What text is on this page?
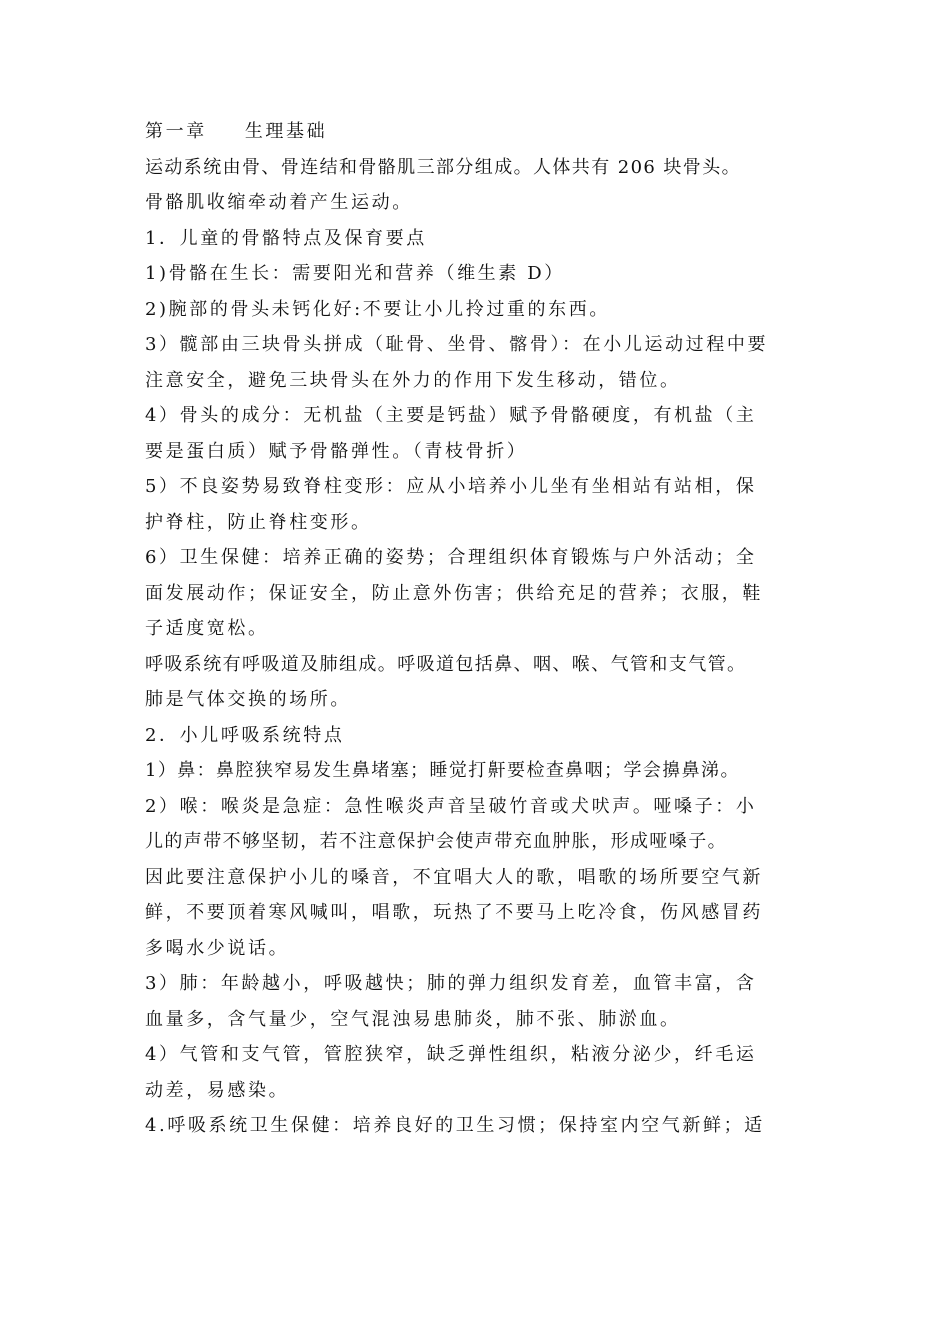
第一章 生理基础
运动系统由骨、骨连结和骨骼肌三部分组成。人体共有 206 块骨头。
骨骼肌收缩牵动着产生运动。
1．儿童的骨骼特点及保育要点
1)骨骼在生长：需要阳光和营养（维生素 D）
2)腕部的骨头未钙化好:不要让小儿拎过重的东西。
3）髋部由三块骨头拼成（耻骨、坐骨、髂骨）：在小儿运动过程中要
注意安全，避免三块骨头在外力的作用下发生移动，错位。
4）骨头的成分：无机盐（主要是钙盐）赋予骨骼硬度，有机盐（主
要是蛋白质）赋予骨骼弹性。（青枝骨折）
5）不良姿势易致脊柱变形：应从小培养小儿坐有坐相站有站相，保
护脊柱，防止脊柱变形。
6）卫生保健：培养正确的姿势；合理组织体育锻炼与户外活动；全
面发展动作；保证安全，防止意外伤害；供给充足的营养；衣服，鞋
子适度宽松。
呼吸系统有呼吸道及肺组成。呼吸道包括鼻、咽、喉、气管和支气管。
肺是气体交换的场所。
2．小儿呼吸系统特点
1）鼻：鼻腔狭窄易发生鼻堵塞；睡觉打鼾要检查鼻咽；学会擤鼻涕。
2）喉：喉炎是急症：急性喉炎声音呈破竹音或犬吠声。哑嗓子：小
儿的声带不够坚韧，若不注意保护会使声带充血肿胀，形成哑嗓子。
因此要注意保护小儿的嗓音，不宜唱大人的歌，唱歌的场所要空气新
鲜，不要顶着寒风喊叫，唱歌，玩热了不要马上吃冷食，伤风感冒药
多喝水少说话。
3）肺：年龄越小，呼吸越快；肺的弹力组织发育差，血管丰富，含
血量多，含气量少，空气混浊易患肺炎，肺不张、肺淤血。
4）气管和支气管，管腔狭窄，缺乏弹性组织，粘液分泌少，纤毛运
动差，易感染。
4.呼吸系统卫生保健：培养良好的卫生习惯；保持室内空气新鲜；适
